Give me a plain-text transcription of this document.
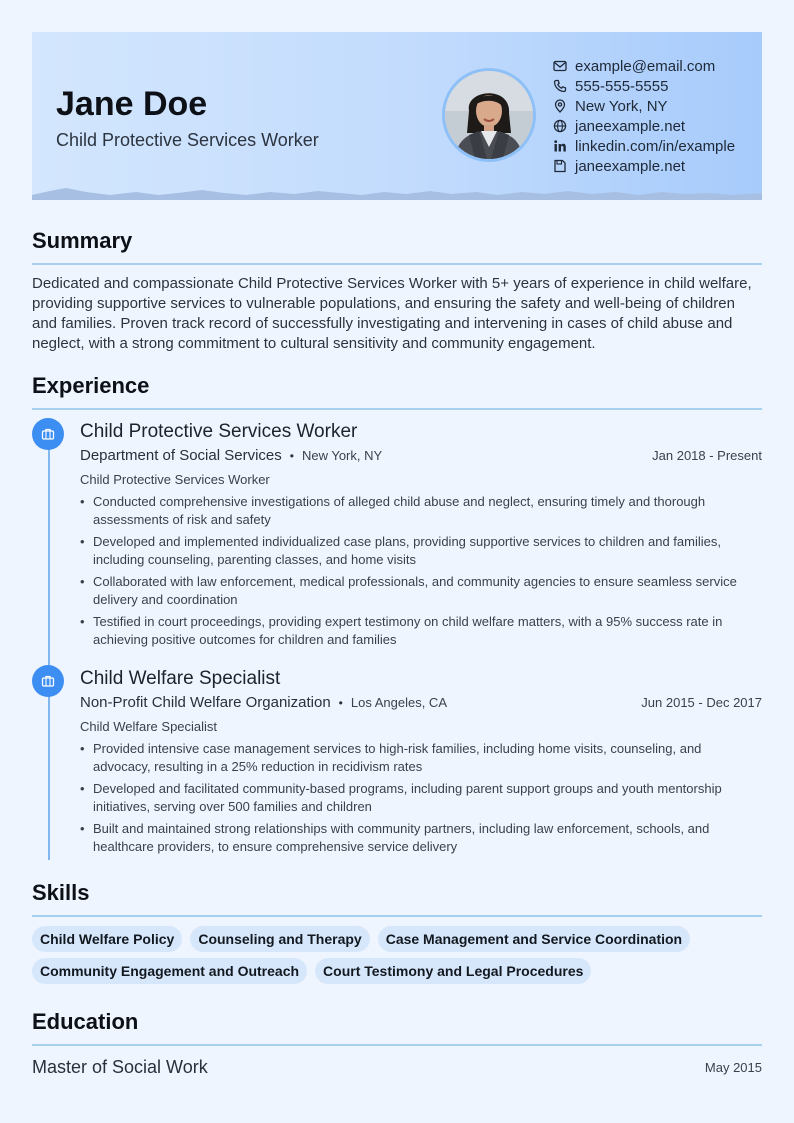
Jane Doe
Child Protective Services Worker
example@email.com
555-555-5555
New York, NY
janeexample.net
linkedin.com/in/example
janeexample.net
Summary
Dedicated and compassionate Child Protective Services Worker with 5+ years of experience in child welfare, providing supportive services to vulnerable populations, and ensuring the safety and well-being of children and families. Proven track record of successfully investigating and intervening in cases of child abuse and neglect, with a strong commitment to cultural sensitivity and community engagement.
Experience
Child Protective Services Worker
Department of Social Services • New York, NY	Jan 2018 - Present
Child Protective Services Worker
• Conducted comprehensive investigations of alleged child abuse and neglect, ensuring timely and thorough assessments of risk and safety
• Developed and implemented individualized case plans, providing supportive services to children and families, including counseling, parenting classes, and home visits
• Collaborated with law enforcement, medical professionals, and community agencies to ensure seamless service delivery and coordination
• Testified in court proceedings, providing expert testimony on child welfare matters, with a 95% success rate in achieving positive outcomes for children and families
Child Welfare Specialist
Non-Profit Child Welfare Organization • Los Angeles, CA	Jun 2015 - Dec 2017
Child Welfare Specialist
• Provided intensive case management services to high-risk families, including home visits, counseling, and advocacy, resulting in a 25% reduction in recidivism rates
• Developed and facilitated community-based programs, including parent support groups and youth mentorship initiatives, serving over 500 families and children
• Built and maintained strong relationships with community partners, including law enforcement, schools, and healthcare providers, to ensure comprehensive service delivery
Skills
Child Welfare Policy	Counseling and Therapy	Case Management and Service Coordination
Community Engagement and Outreach	Court Testimony and Legal Procedures
Education
Master of Social Work	May 2015
